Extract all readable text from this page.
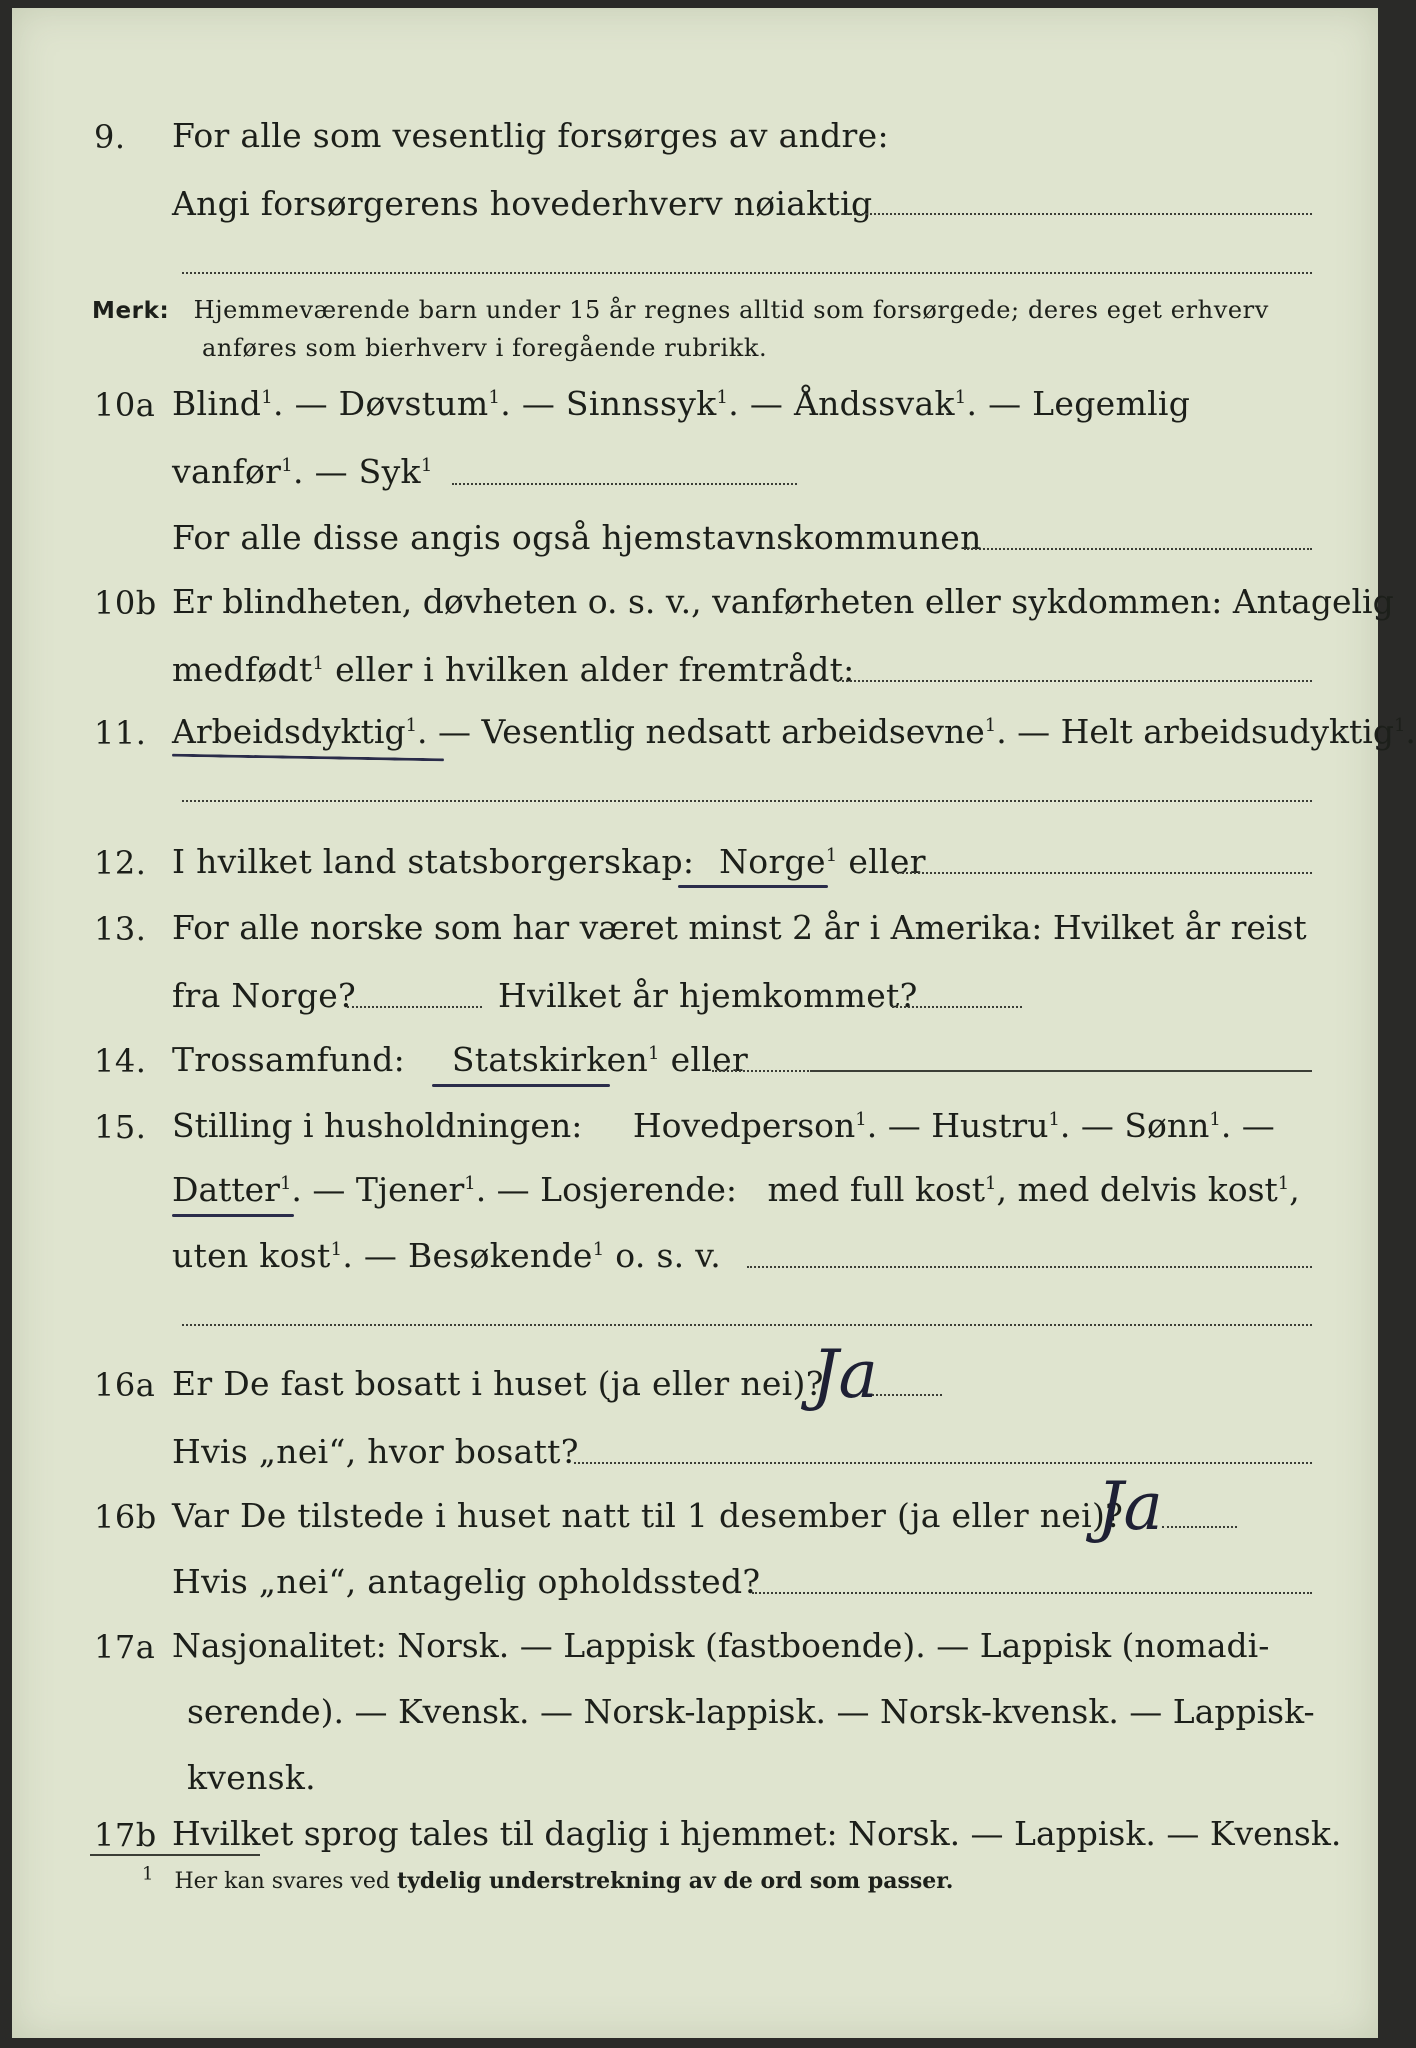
9. For alle som vesentlig forsørges av andre:
Angi forsørgerens hovederhverv nøiaktig
Merk: Hjemmeværende barn under 15 år regnes alltid som forsørgede; deres eget erhverv
anføres som bierhverv i foregående rubrikk.
10a Blind$^1$. — Døvstum$^1$. — Sinnssyk$^1$. — Åndssvak$^1$. — Legemlig
vanfør$^1$. — Syk$^1$
For alle disse angis også hjemstavnskommunen
10b Er blindheten, døvheten o. s. v., vanførheten eller sykdommen: Antagelig
medfødt$^1$ eller i hvilken alder fremtrådt:
11. Arbeidsdyktig$^1$. — Vesentlig nedsatt arbeidsevne$^1$. — Helt arbeidsudyktig$^1$.
12. I hvilket land statsborgerskap: Norge$^1$ eller
13. For alle norske som har været minst 2 år i Amerika: Hvilket år reist
fra Norge?	Hvilket år hjemkommet?
14. Trossamfund: Statskirken$^1$ eller
15. Stilling i husholdningen: Hovedperson$^1$. — Hustru$^1$. — Sønn$^1$. —
Datter$^1$. — Tjener$^1$. — Losjerende: med full kost$^1$, med delvis kost$^1$,
uten kost$^1$. — Besøkende$^1$ o. s. v.
16a Er De fast bosatt i huset (ja eller nei)?
Ja
Hvis „nei“, hvor bosatt?
16b Var De tilstede i huset natt til 1 desember (ja eller nei)?
Ja
Hvis „nei“, antagelig opholdssted?
17a Nasjonalitet: Norsk. — Lappisk (fastboende). — Lappisk (nomadi-
serende). — Kvensk. — Norsk-lappisk. — Norsk-kvensk. — Lappisk-
kvensk.
17b Hvilket sprog tales til daglig i hjemmet: Norsk. — Lappisk. — Kvensk.
$^1$ Her kan svares ved tydelig understrekning av de ord som passer.
